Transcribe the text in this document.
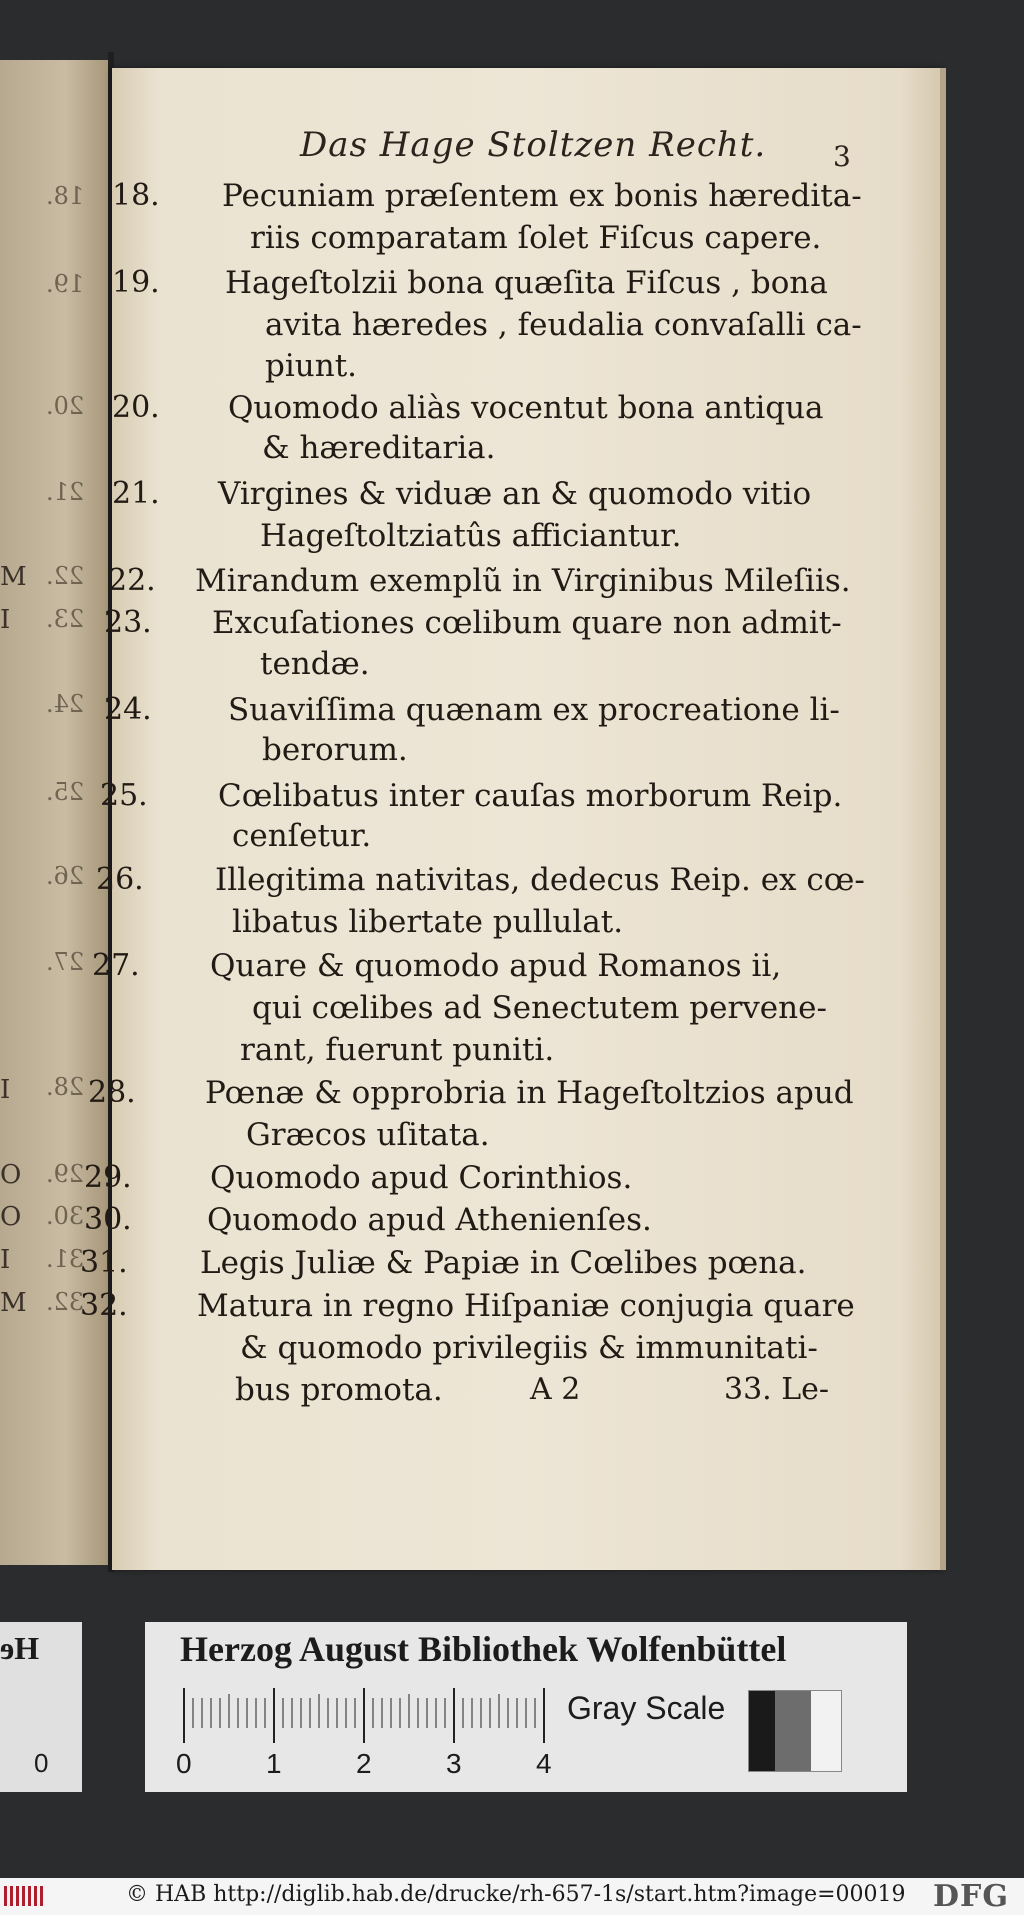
18.
19.
20.
21.
22.
23.
24.
25.
26.
27.
28.
29.
30.
31.
32.
M
I
I
O
O
I
M
Das Hage Stoltzen Recht.	3
18.	Pecuniam præſentem ex bonis hæredita-
riis comparatam ſolet Fiſcus capere.
19.	Hageſtolzii bona quæſita Fiſcus , bona
avita hæredes , feudalia convaſalli ca-
piunt.
20.	Quomodo aliàs vocentut bona antiqua
& hæreditaria.
21.	Virgines & viduæ an & quomodo vitio
Hageſtoltziatûs afficiantur.
22.	Mirandum exemplũ in Virginibus Mileſiis.
23.	Excuſationes cœlibum quare non admit-
tendæ.
24.	Suaviſſima quænam ex procreatione li-
berorum.
25.	Cœlibatus inter cauſas morborum Reip.
cenſetur.
26.	Illegitima nativitas, dedecus Reip. ex cœ-
libatus libertate pullulat.
27.	Quare & quomodo apud Romanos ii,
qui cœlibes ad Senectutem pervene-
rant, fuerunt puniti.
28.	Pœnæ & opprobria in Hageſtoltzios apud
Græcos uſitata.
29.	Quomodo apud Corinthios.
30.	Quomodo apud Athenienſes.
31.	Legis Juliæ & Papiæ in Cœlibes pœna.
32.	Matura in regno Hiſpaniæ conjugia quare
& quomodo privilegiis & immunitati-
bus promota.	A 2	33. Le-
He
0
Herzog August Bibliothek Wolfenbüttel
0	1	2	3	4
Gray Scale
© HAB http://diglib.hab.de/drucke/rh-657-1s/start.htm?image=00019 DFG
